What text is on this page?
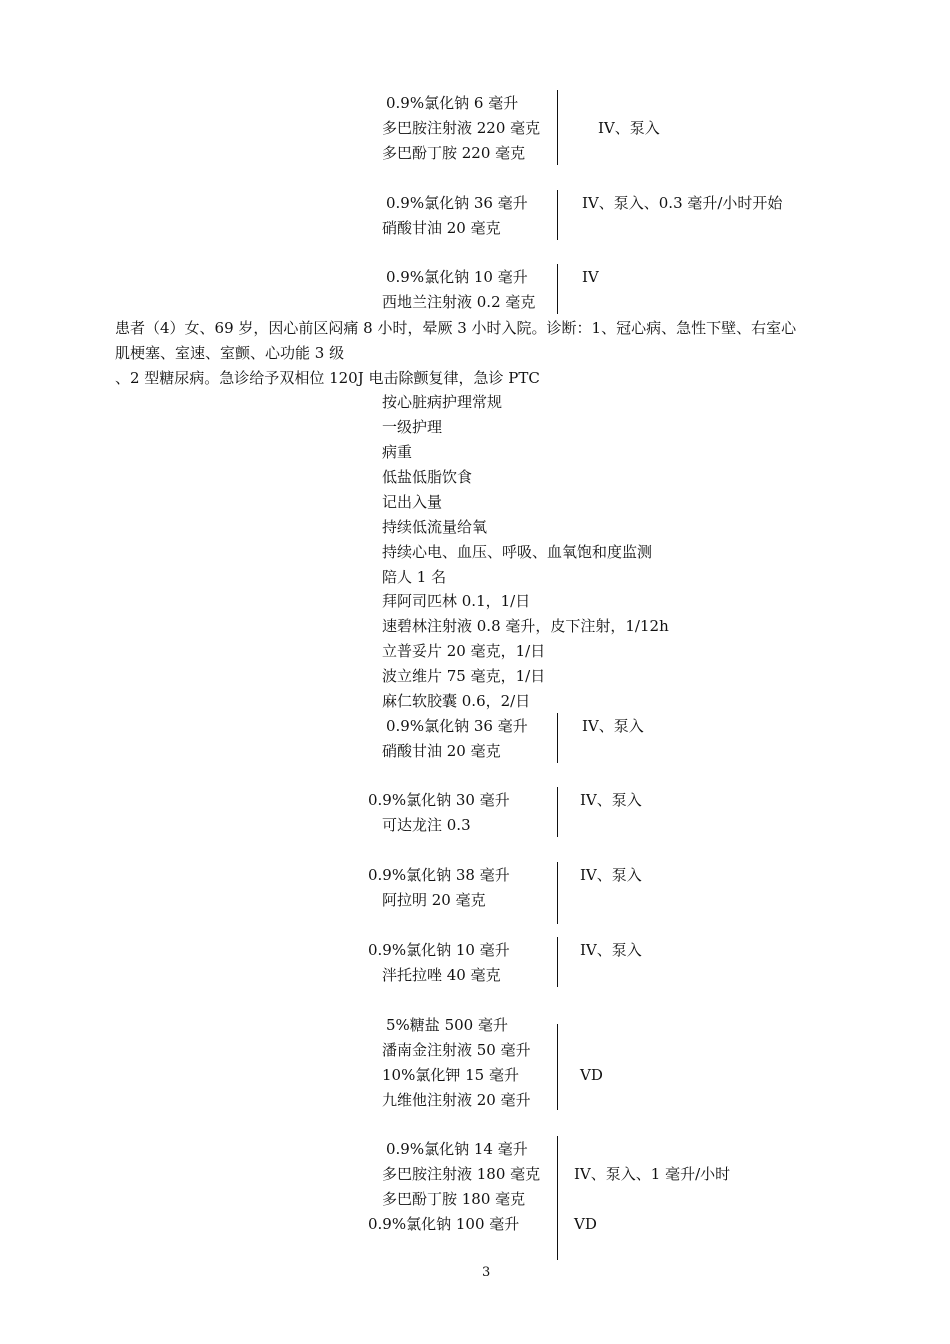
0.9%氯化钠 6 毫升
多巴胺注射液 220 毫克
多巴酚丁胺 220 毫克
IV、泵入
0.9%氯化钠 36 毫升
硝酸甘油 20 毫克
IV、泵入、0.3 毫升/小时开始
0.9%氯化钠 10 毫升
西地兰注射液 0.2 毫克
IV
患者（4）女、69 岁，因心前区闷痛 8 小时，晕厥 3 小时入院。诊断：1、冠心病、急性下壁、右室心
肌梗塞、室速、室颤、心功能 3 级
、2 型糖尿病。急诊给予双相位 120J 电击除颤复律，急诊 PTC
按心脏病护理常规
一级护理
病重
低盐低脂饮食
记出入量
持续低流量给氧
持续心电、血压、呼吸、血氧饱和度监测
陪人 1 名
拜阿司匹林 0.1，1/日
速碧林注射液 0.8 毫升，皮下注射，1/12h
立普妥片 20 毫克，1/日
波立维片 75 毫克，1/日
麻仁软胶囊 0.6，2/日
0.9%氯化钠 36 毫升
硝酸甘油 20 毫克
IV、泵入
0.9%氯化钠 30 毫升
可达龙注 0.3
IV、泵入
0.9%氯化钠 38 毫升
阿拉明 20 毫克
IV、泵入
0.9%氯化钠 10 毫升
泮托拉唑 40 毫克
IV、泵入
5%糖盐 500 毫升
潘南金注射液 50 毫升
10%氯化钾 15 毫升
九维他注射液 20 毫升
VD
0.9%氯化钠 14 毫升
多巴胺注射液 180 毫克
多巴酚丁胺 180 毫克
0.9%氯化钠 100 毫升
IV、泵入、1 毫升/小时
VD
3
